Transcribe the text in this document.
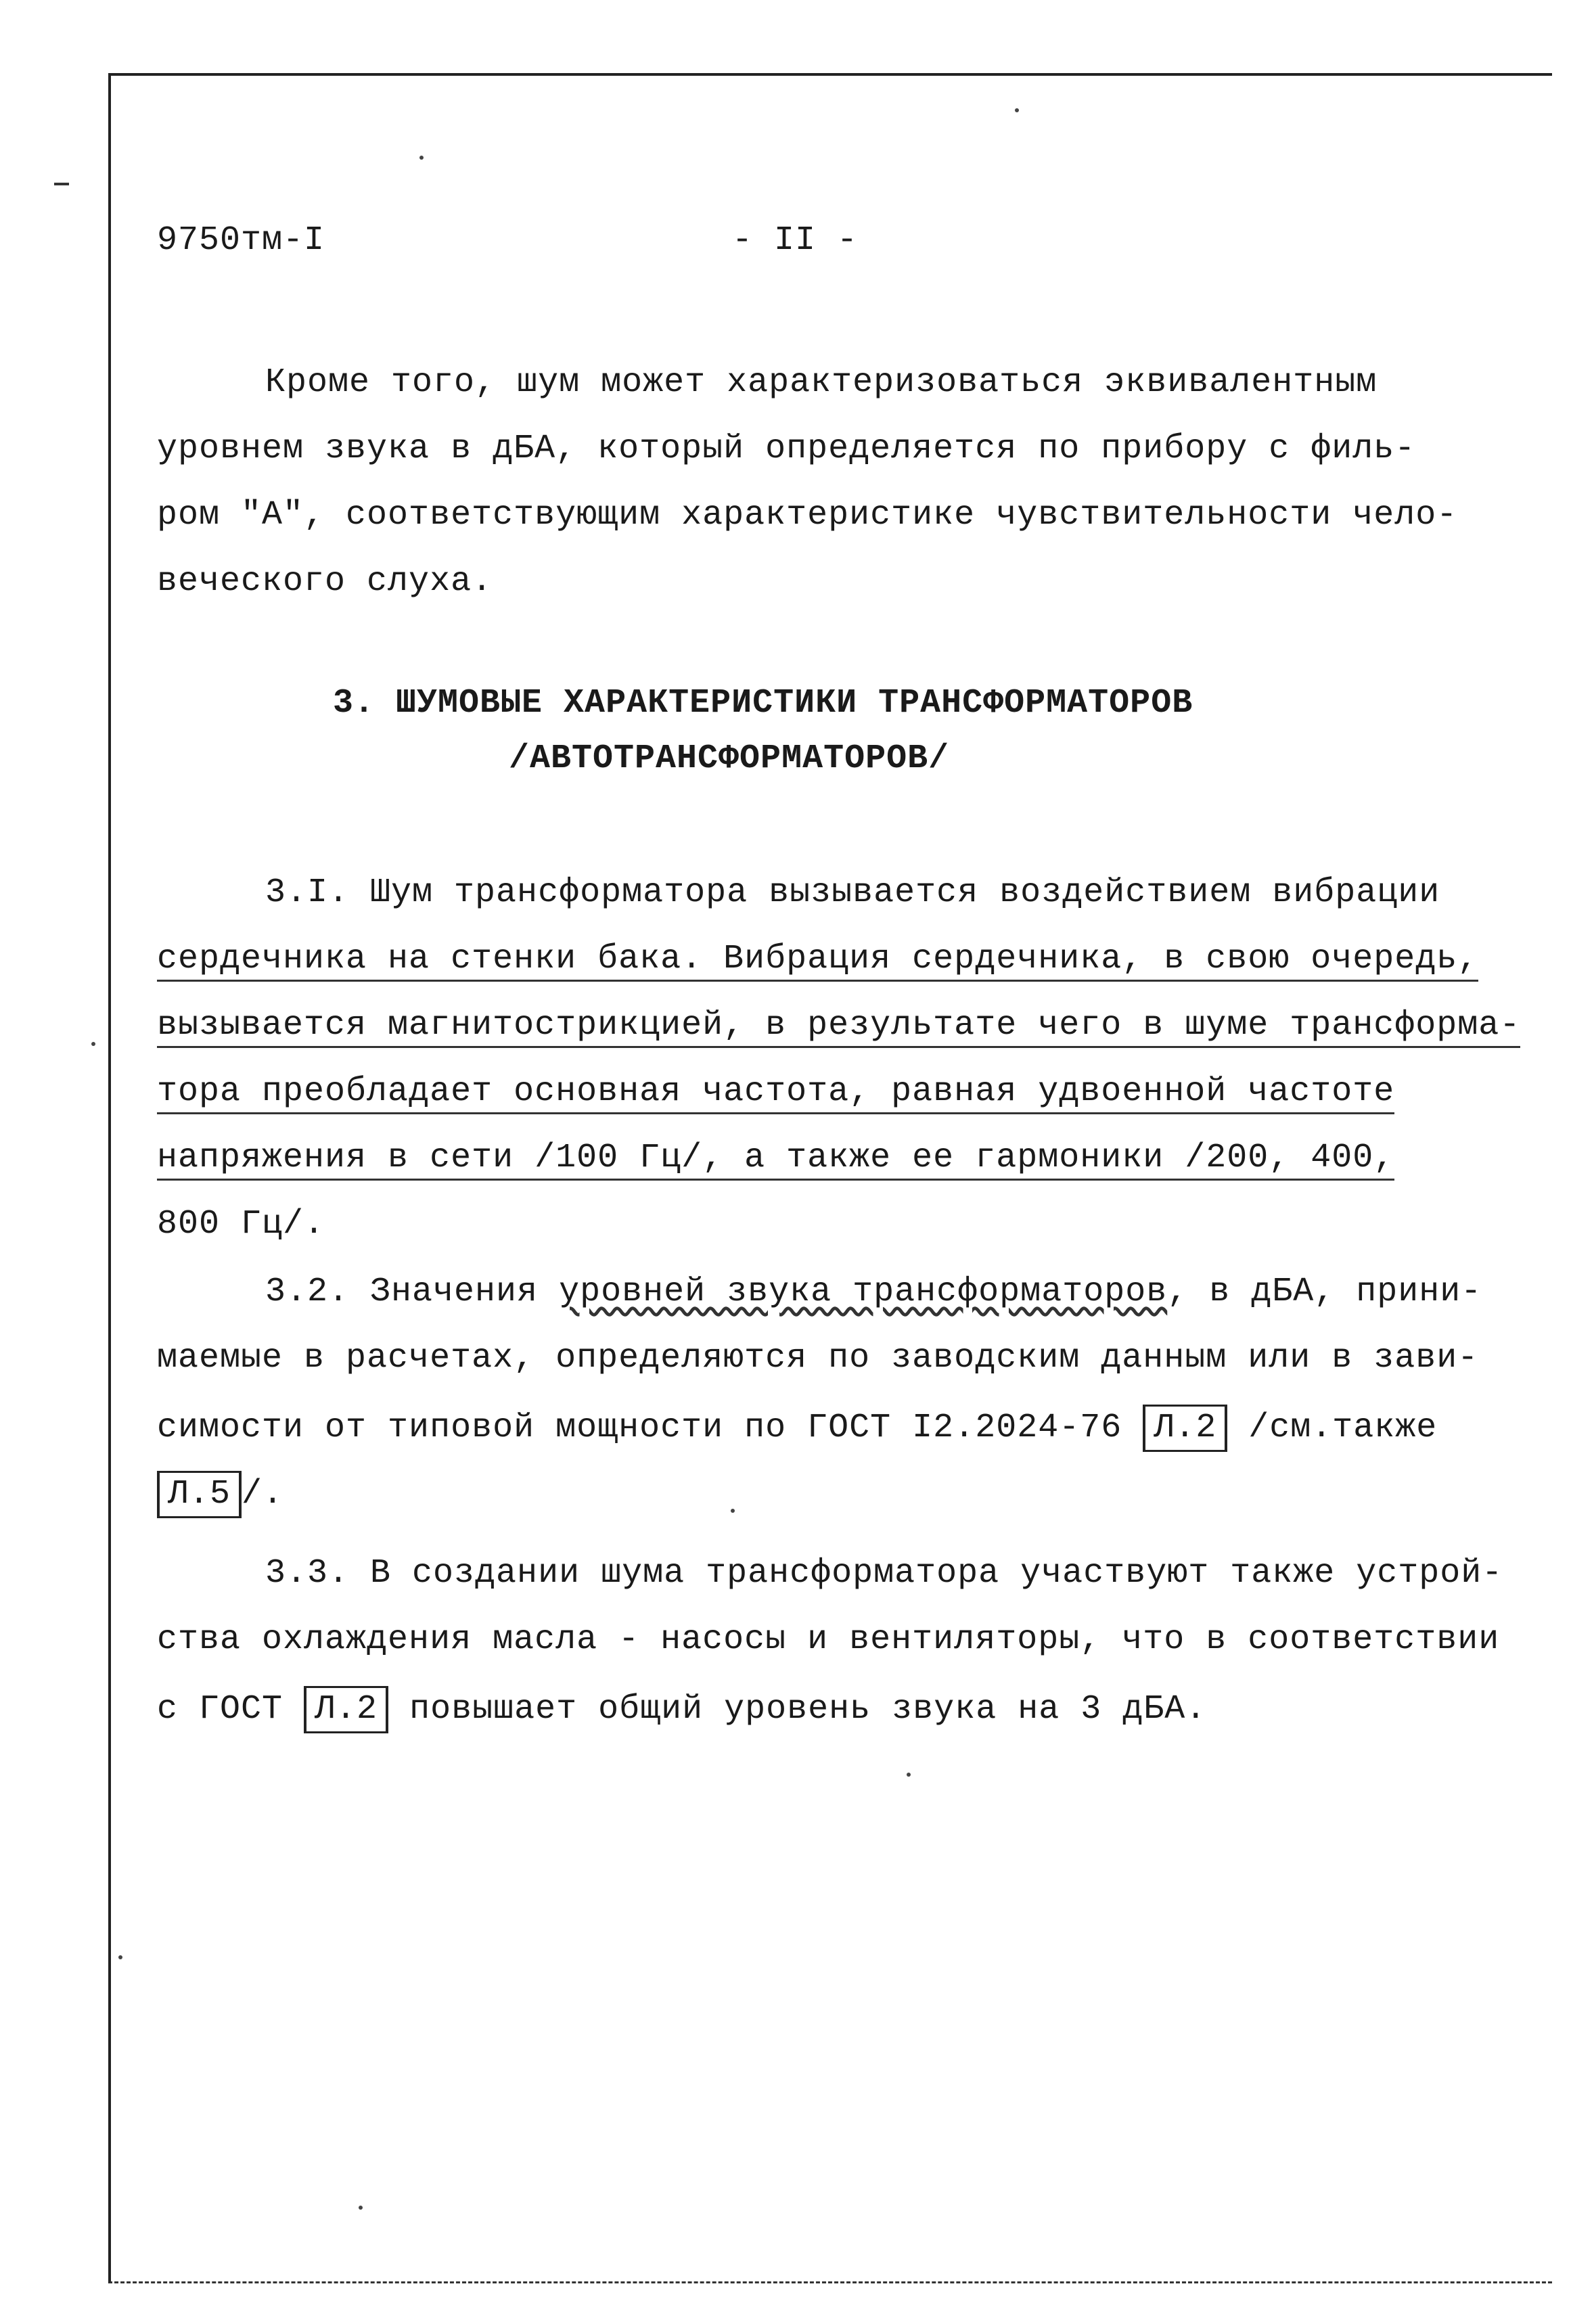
9750тм-I	- II -
Кроме того, шум может характеризоваться эквивалентным
уровнем звука в дБА, который определяется по прибору с филь-
ром "А", соответствующим характеристике чувствительности чело-
веческого слуха.
3. ШУМОВЫЕ ХАРАКТЕРИСТИКИ ТРАНСФОРМАТОРОВ
/АВТОТРАНСФОРМАТОРОВ/
3.I. Шум трансформатора вызывается воздействием вибрации
сердечника на стенки бака. Вибрация сердечника, в свою очередь,
вызывается магнитострикцией, в результате чего в шуме трансформа-
тора преобладает основная частота, равная удвоенной частоте
напряжения в сети /100 Гц/, а также ее гармоники /200, 400,
800 Гц/.
3.2. Значения уровней звука трансформаторов, в дБА, прини-
маемые в расчетах, определяются по заводским данным или в зави-
симости от типовой мощности по ГОСТ I2.2024-76 Л.2 /см.также
Л.5 /.
3.3. В создании шума трансформатора участвуют также устрой-
ства охлаждения масла - насосы и вентиляторы, что в соответствии
с ГОСТ Л.2 повышает общий уровень звука на 3 дБА.
